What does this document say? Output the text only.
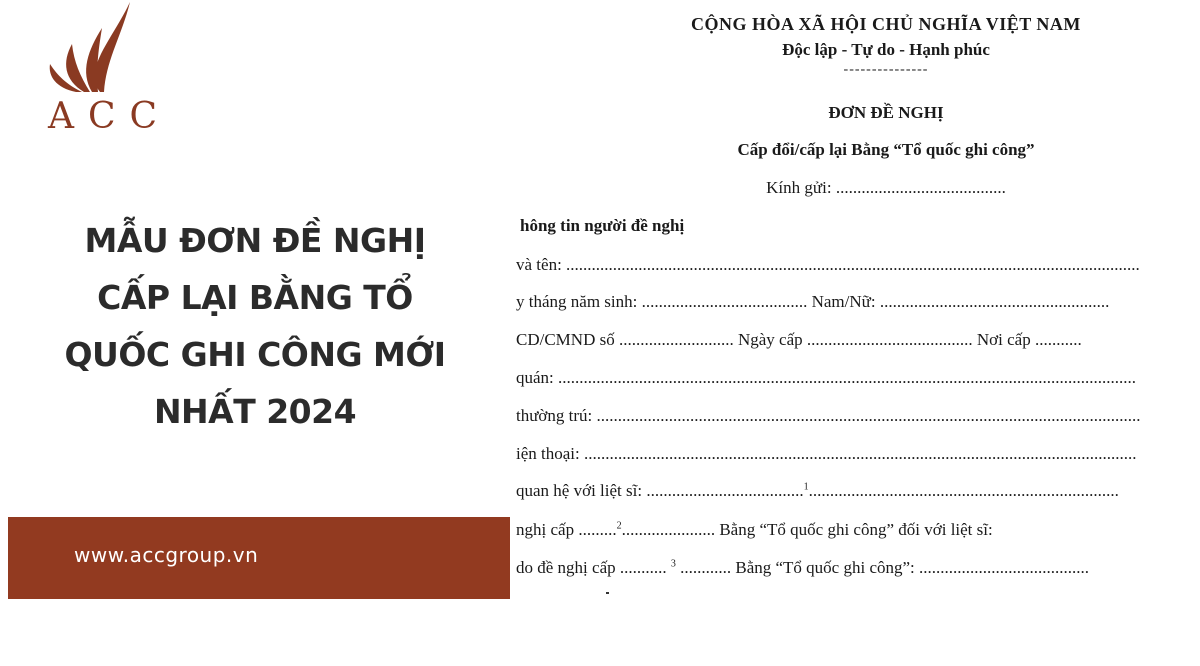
ACC
MẪU ĐƠN ĐỀ NGHỊ
CẤP LẠI BẰNG TỔ
QUỐC GHI CÔNG MỚI
NHẤT 2024
www.accgroup.vn
CỘNG HÒA XÃ HỘI CHỦ NGHĨA VIỆT NAM
Độc lập - Tự do - Hạnh phúc
---------------
ĐƠN ĐỀ NGHỊ
Cấp đổi/cấp lại Bằng “Tổ quốc ghi công”
Kính gửi: ........................................
hông tin người đề nghị
và tên: .......................................................................................................................................
y tháng năm sinh: ....................................... Nam/Nữ: ......................................................
CD/CMND số ........................... Ngày cấp ....................................... Nơi cấp ...........
quán: ........................................................................................................................................
thường trú: ................................................................................................................................
iện thoại: ..................................................................................................................................
quan hệ với liệt sĩ: .....................................$^1$.........................................................................
nghị cấp .........$^2$...................... Bằng “Tổ quốc ghi công” đối với liệt sĩ:
do đề nghị cấp ........... $^3$ ............ Bằng “Tổ quốc ghi công”: ........................................
